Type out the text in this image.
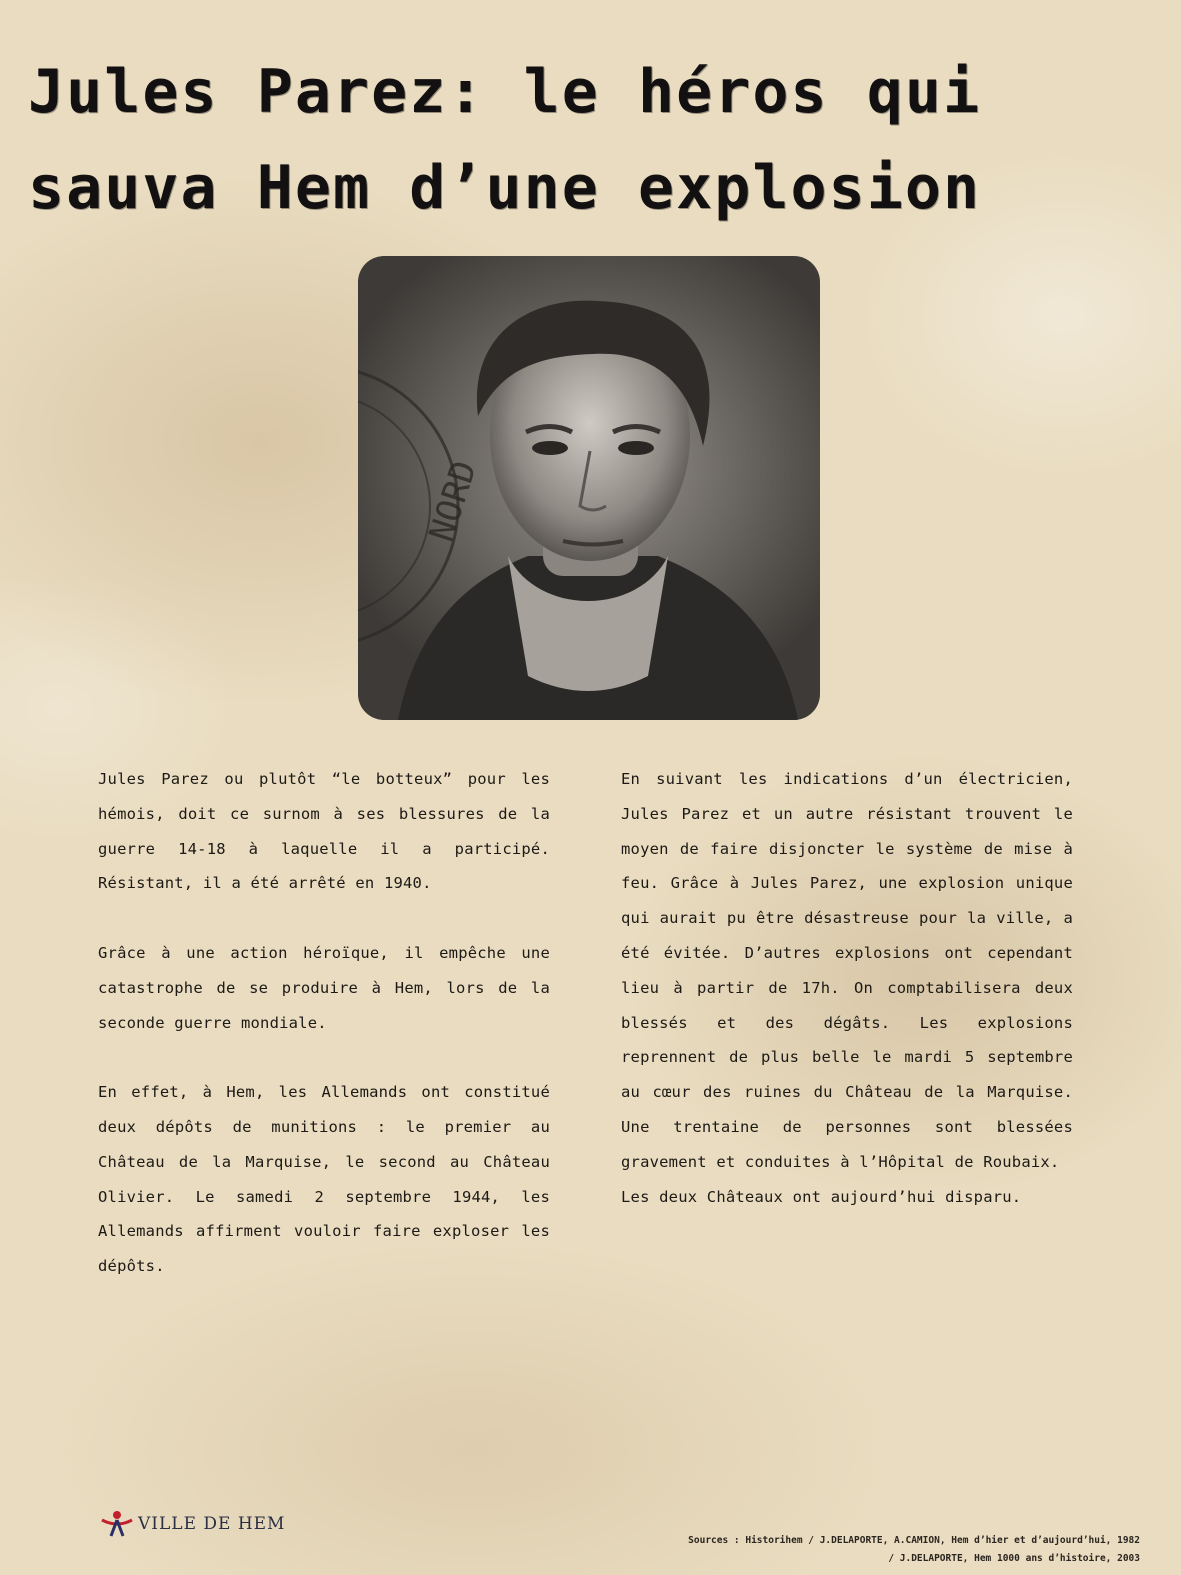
Jules Parez: le héros qui
sauva Hem d’une explosion
NORD

Jules Parez ou plutôt “le botteux” pour les hémois, doit ce surnom à ses blessures de la guerre 14-18 à laquelle il a participé. Résistant, il a été arrêté en 1940.

Grâce à une action héroïque, il empêche une catastrophe de se produire à Hem, lors de la seconde guerre mondiale.

En effet, à Hem, les Allemands ont constitué deux dépôts de munitions : le premier au Château de la Marquise, le second au Château Olivier. Le samedi 2 septembre 1944, les Allemands affirment vouloir faire exploser les dépôts.

En suivant les indications d’un électricien, Jules Parez et un autre résistant trouvent le moyen de faire disjoncter le système de mise à feu. Grâce à Jules Parez, une explosion unique qui aurait pu être désastreuse pour la ville, a été évitée. D’autres explosions ont cependant lieu à partir de 17h. On comptabilisera deux blessés et des dégâts. Les explosions reprennent de plus belle le mardi 5 septembre au cœur des ruines du Château de la Marquise. Une trentaine de personnes sont blessées gravement et conduites à l’Hôpital de Roubaix.

Les deux Châteaux ont aujourd’hui disparu.

VILLE DE HEM
Sources : Historihem / J.DELAPORTE, A.CAMION, Hem d’hier et d’aujourd’hui, 1982
/ J.DELAPORTE, Hem 1000 ans d’histoire, 2003
